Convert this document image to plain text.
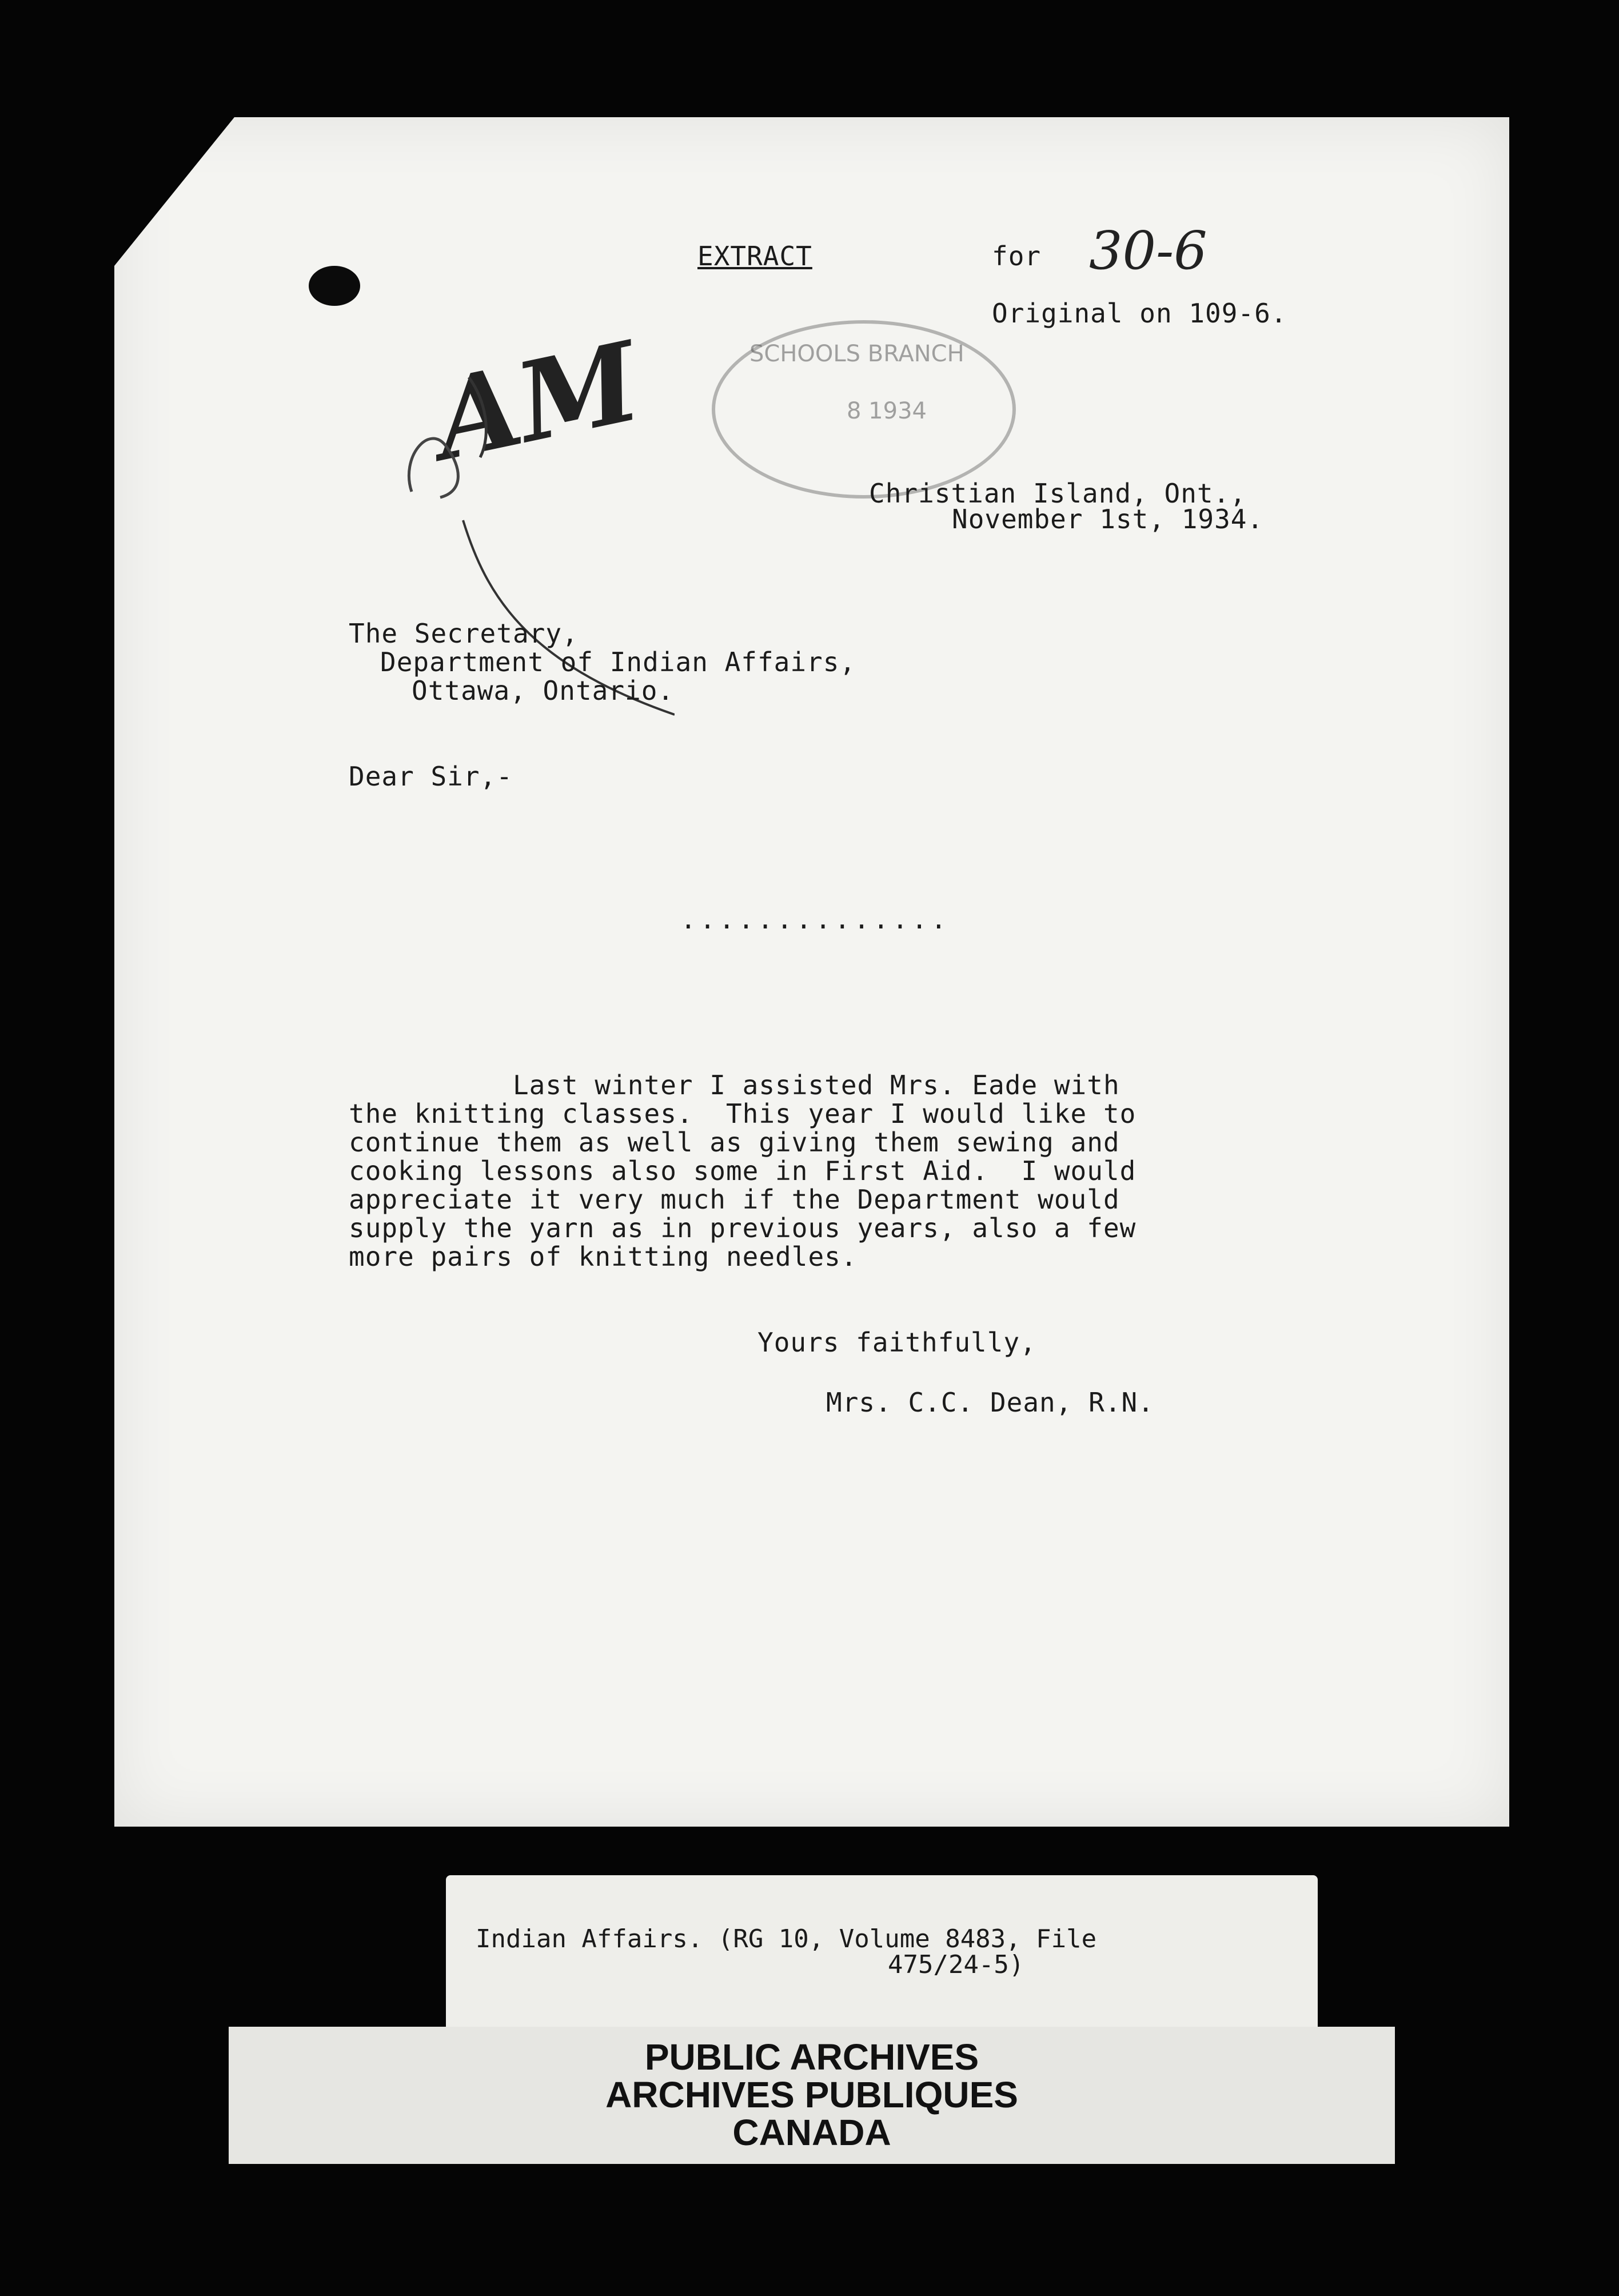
EXTRACT	for 30-6
Original on 109-6.
SCHOOLS BRANCH
8 1934
AM
Christian Island, Ont.,
November 1st, 1934.
The Secretary,
Department of Indian Affairs,
Ottawa, Ontario.
Dear Sir,-
..............
Last winter I assisted Mrs. Eade with
the knitting classes.  This year I would like to
continue them as well as giving them sewing and
cooking lessons also some in First Aid.  I would
appreciate it very much if the Department would
supply the yarn as in previous years, also a few
more pairs of knitting needles.
Yours faithfully,
Mrs. C.C. Dean, R.N.
Indian Affairs. (RG 10, Volume 8483, File
475/24-5)
PUBLIC ARCHIVES
ARCHIVES PUBLIQUES
CANADA
